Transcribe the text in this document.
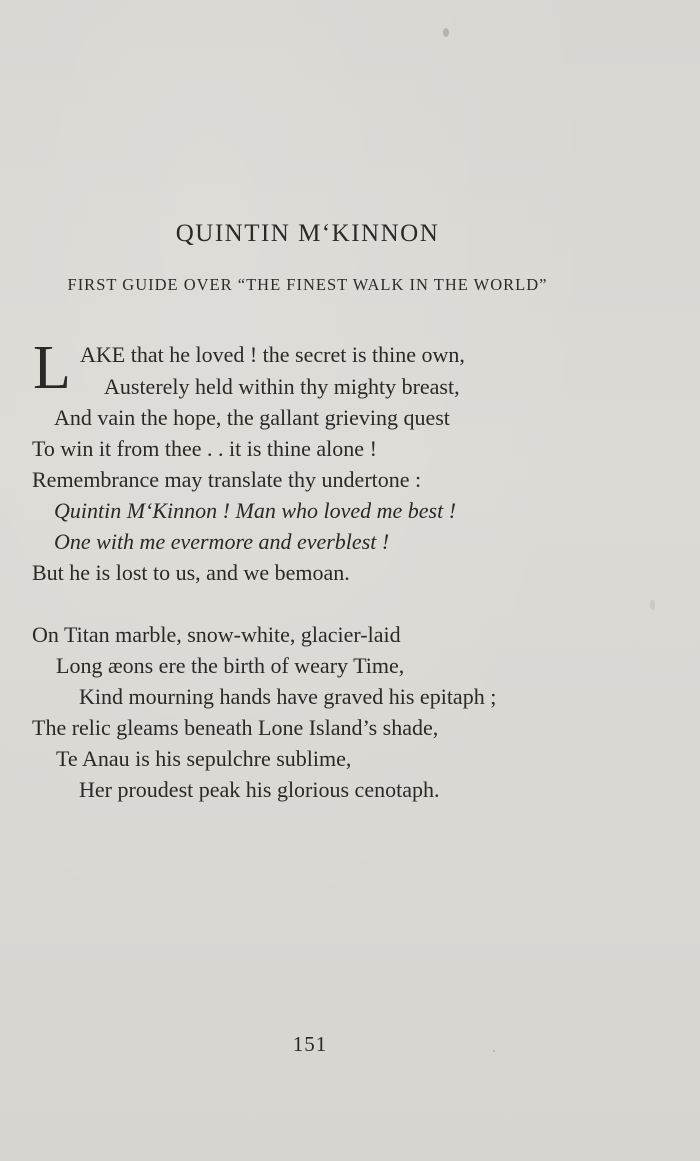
QUINTIN M‘KINNON
FIRST GUIDE OVER “THE FINEST WALK IN THE WORLD”
L AKE that he loved ! the secret is thine own,
Austerely held within thy mighty breast,
And vain the hope, the gallant grieving quest
To win it from thee . . it is thine alone !
Remembrance may translate thy undertone :
Quintin M‘Kinnon ! Man who loved me best !
One with me evermore and everblest !
But he is lost to us, and we bemoan.
On Titan marble, snow-white, glacier-laid
Long æons ere the birth of weary Time,
Kind mourning hands have graved his epitaph ;
The relic gleams beneath Lone Island’s shade,
Te Anau is his sepulchre sublime,
Her proudest peak his glorious cenotaph.
151
